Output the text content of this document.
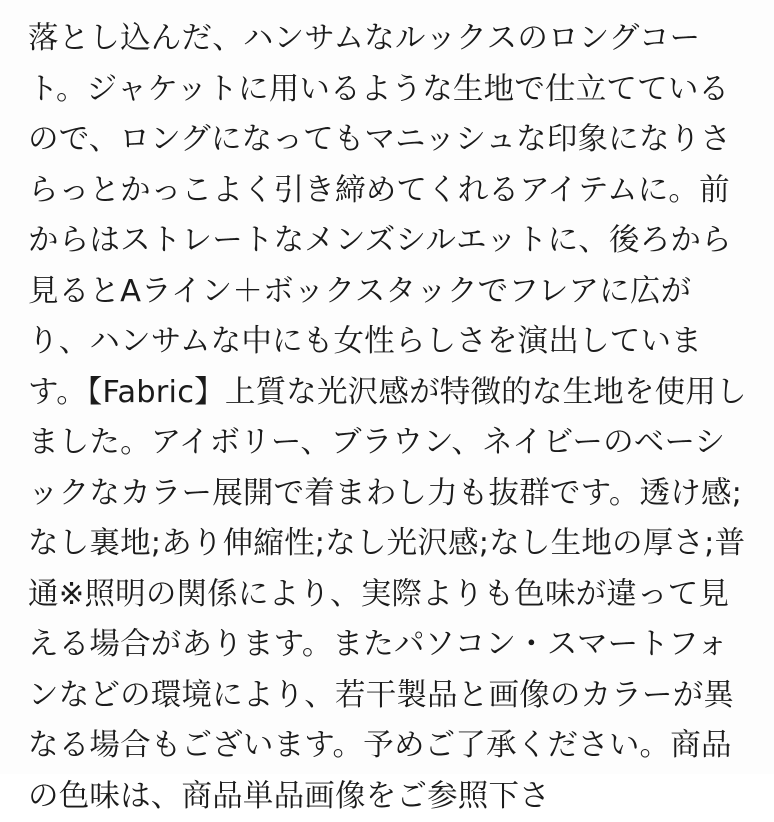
落とし込んだ、ハンサムなルックスのロングコート。ジャケットに用いるような生地で仕立てているので、ロングになってもマニッシュな印象になりさらっとかっこよく引き締めてくれるアイテムに。前からはストレートなメンズシルエットに、後ろから見るとAライン＋ボックスタックでフレアに広がり、ハンサムな中にも女性らしさを演出しています。【Fabric】上質な光沢感が特徴的な生地を使用しました。アイボリー、ブラウン、ネイビーのベーシックなカラー展開で着まわし力も抜群です。透け感;なし裏地;あり伸縮性;なし光沢感;なし生地の厚さ;普通※照明の関係により、実際よりも色味が違って見える場合があります。またパソコン・スマートフォンなどの環境により、若干製品と画像のカラーが異なる場合もございます。予めご了承ください。商品の色味は、商品単品画像をご参照下さ
